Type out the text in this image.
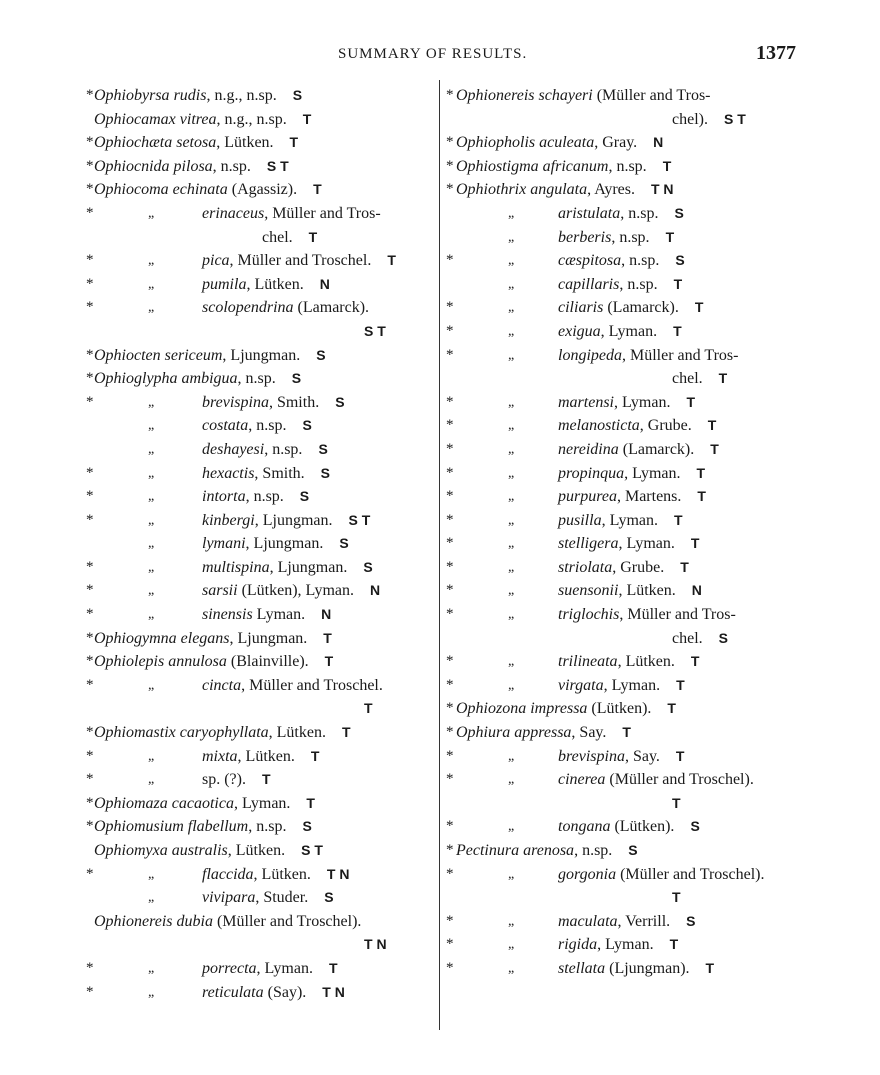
SUMMARY OF RESULTS.	1377
* Ophiobyrsa rudis, n.g., n.sp.  S
Ophiocamax vitrea, n.g., n.sp.  T
* Ophiochæta setosa, Lütken.  T
* Ophiocnida pilosa, n.sp.  S T
* Ophiocoma echinata (Agassiz).  T
*	„	erinaceus, Müller and Tros-
chel.  T
*	„	pica, Müller and Troschel.  T
*	„	pumila, Lütken.  N
*	„	scolopendrina (Lamarck).
S T
* Ophiocten sericeum, Ljungman.  S
* Ophioglypha ambigua, n.sp.  S
*	„	brevispina, Smith.  S
„	costata, n.sp.  S
„	deshayesi, n.sp.  S
*	„	hexactis, Smith.  S
*	„	intorta, n.sp.  S
*	„	kinbergi, Ljungman.  S T
„	lymani, Ljungman.  S
*	„	multispina, Ljungman.  S
*	„	sarsii (Lütken), Lyman.  N
*	„	sinensis Lyman.  N
* Ophiogymna elegans, Ljungman.  T
* Ophiolepis annulosa (Blainville).  T
*	„	cincta, Müller and Troschel.
T
* Ophiomastix caryophyllata, Lütken.  T
*	„	mixta, Lütken.  T
*	„	sp. (?).  T
* Ophiomaza cacaotica, Lyman.  T
* Ophiomusium flabellum, n.sp.  S
Ophiomyxa australis, Lütken.  S T
*	„	flaccida, Lütken.  T N
„	vivipara, Studer.  S
Ophionereis dubia (Müller and Troschel).
T N
*	„	porrecta, Lyman.  T
*	„	reticulata (Say).  T N
* Ophionereis schayeri (Müller and Tros-
chel).  S T
* Ophiopholis aculeata, Gray.  N
* Ophiostigma africanum, n.sp.  T
* Ophiothrix angulata, Ayres.  T N
„	aristulata, n.sp.  S
„	berberis, n.sp.  T
*	„	cæspitosa, n.sp.  S
„	capillaris, n.sp.  T
*	„	ciliaris (Lamarck).  T
*	„	exigua, Lyman.  T
*	„	longipeda, Müller and Tros-
chel.  T
*	„	martensi, Lyman.  T
*	„	melanosticta, Grube.  T
*	„	nereidina (Lamarck).  T
*	„	propinqua, Lyman.  T
*	„	purpurea, Martens.  T
*	„	pusilla, Lyman.  T
*	„	stelligera, Lyman.  T
*	„	striolata, Grube.  T
*	„	suensonii, Lütken.  N
*	„	triglochis, Müller and Tros-
chel.  S
*	„	trilineata, Lütken.  T
*	„	virgata, Lyman.  T
* Ophiozona impressa (Lütken).  T
* Ophiura appressa, Say.  T
*	„	brevispina, Say.  T
*	„	cinerea (Müller and Troschel).
T
*	„	tongana (Lütken).  S
* Pectinura arenosa, n.sp.  S
*	„	gorgonia (Müller and Troschel).
T
*	„	maculata, Verrill.  S
*	„	rigida, Lyman.  T
*	„	stellata (Ljungman).  T
